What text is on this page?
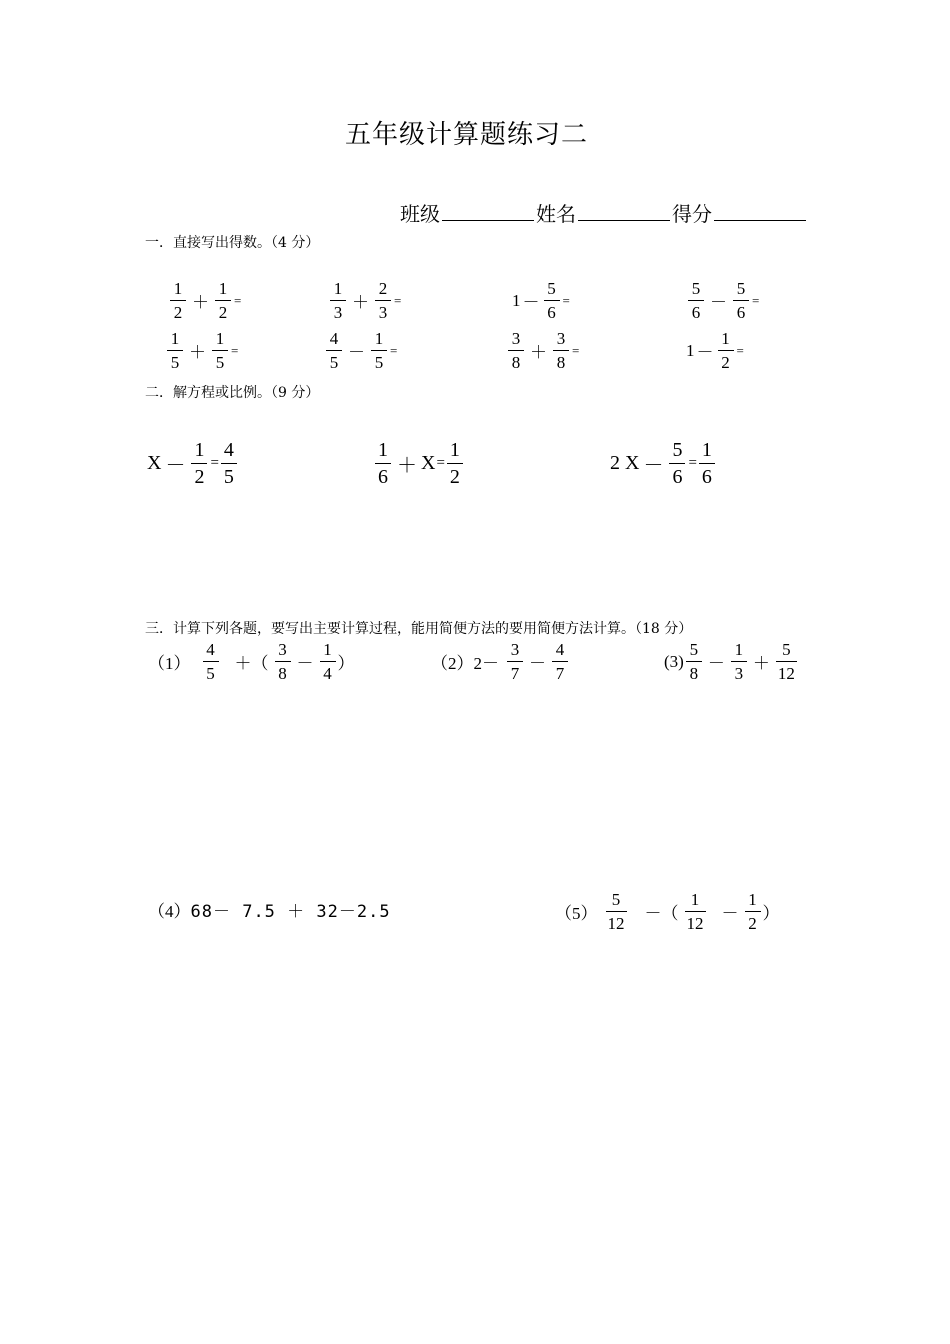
五年级计算题练习二
班级	姓名	得分
一．直接写出得数。（4 分）
$\frac{1}{2} + \frac{1}{2}$ =	$\frac{1}{3} + \frac{2}{3}$ =	$1 - \frac{5}{6}$ =	$\frac{5}{6} - \frac{5}{6}$ =
$\frac{1}{5} + \frac{1}{5}$ =	$\frac{4}{5} - \frac{1}{5}$ =	$\frac{3}{8} + \frac{3}{8}$ =	$1 - \frac{1}{2}$ =
二．解方程或比例。（9 分）
$X - \frac{1}{2} = \frac{4}{5}$	$\frac{1}{6} + X = \frac{1}{2}$	2 $X - \frac{5}{6} = \frac{1}{6}$
三．计算下列各题，要写出主要计算过程，能用简便方法的要用简便方法计算。（18 分）
$(1) \frac{4}{5}$ ＋（ $\frac{3}{8} - \frac{1}{4}$ ）	（2） $2- \frac{3}{7} - \frac{4}{7}$	$(3) \frac{5}{8} - \frac{1}{3} + \frac{5}{12}$
（4） 68－ 7.5 ＋ 32－2.5	$(5) \frac{5}{12}$ －（ $\frac{1}{12} - \frac{1}{2}$ ）
